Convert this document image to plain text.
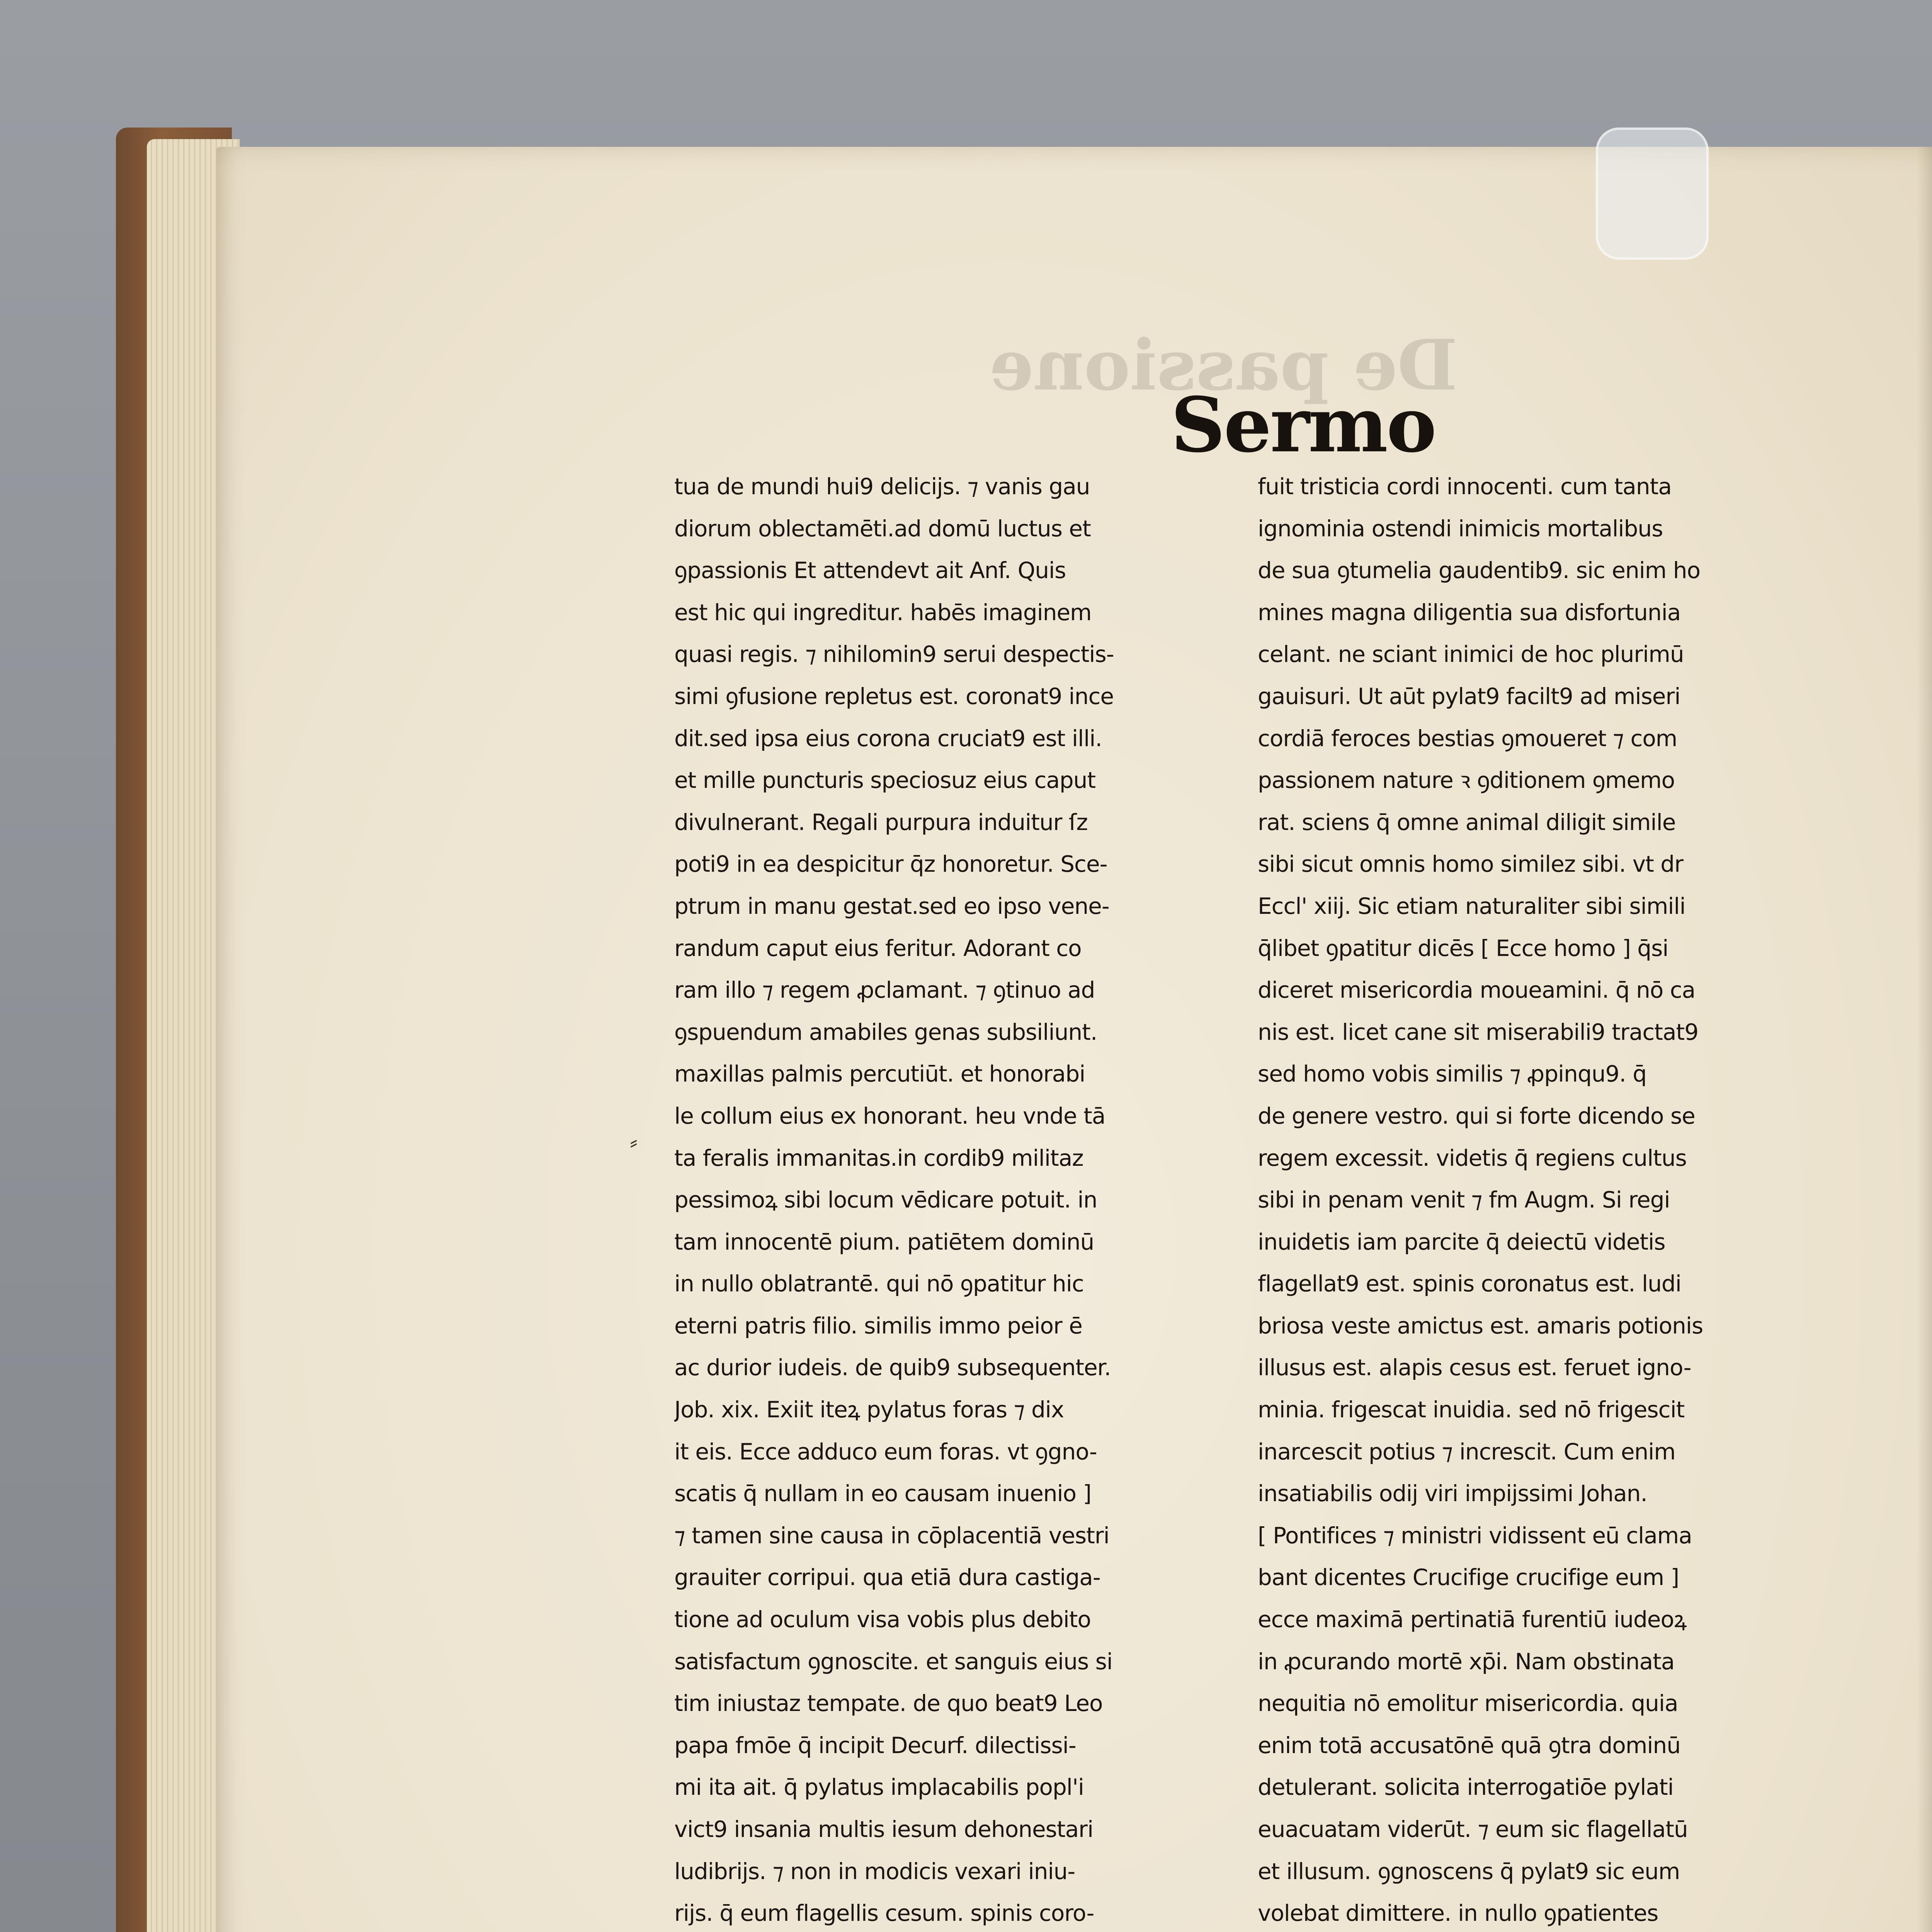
De passione
Sermo
⸗
tua de mundi hui9 delicijs. ⁊ vanis gau
diorum oblectamēti.ad domū luctus et
ꝯpassionis Et attendevt ait Anf. Quis
est hic qui ingreditur. habēs imaginem
quasi regis. ⁊ nihilomin9 serui despectis-
simi ꝯfusione repletus est. coronat9 ince
dit.sed ipsa eius corona cruciat9 est illi.
et mille puncturis speciosuz eius caput
divulnerant. Regali purpura induitur ſz
poti9 in ea despicitur q̄z honoretur. Sce-
ptrum in manu gestat.sed eo ipso vene-
randum caput eius feritur. Adorant co
ram illo ⁊ regem ꝓclamant. ⁊ ꝯtinuo ad
ꝯspuendum amabiles genas subsiliunt.
maxillas palmis percutiūt. et honorabi
le collum eius ex honorant. heu vnde tā
ta feralis immanitas.in cordib9 militaz
pessimoꝝ sibi locum vēdicare potuit. in
tam innocentē pium. patiētem dominū
in nullo oblatrantē. qui nō ꝯpatitur hic
eterni patris filio. similis immo peior ē
ac durior iudeis. de quib9 subsequenter.
Job. xix. Exiit iteꝝ pylatus foras ⁊ dix
it eis. Ecce adduco eum foras. vt ꝯgno-
scatis q̄ nullam in eo causam inuenio ]
⁊ tamen sine causa in cōplacentiā vestri
grauiter corripui. qua etiā dura castiga-
tione ad oculum visa vobis plus debito
satisfactum ꝯgnoscite. et sanguis eius si
tim iniustaz tempate. de quo beat9 Leo
papa fmōe q̄ incipit Decurf. dilectissi-
mi ita ait. q̄ pylatus implacabilis popl'i
vict9 insania multis iesum dehonestari
ludibrijs. ⁊ non in modicis vexari iniu-
rijs. q̄ eum flagellis cesum. spinis coro-
fuit tristicia cordi innocenti. cum tanta
ignominia ostendi inimicis mortalibus
de sua ꝯtumelia gaudentib9. sic enim ho
mines magna diligentia sua disfortunia
celant. ne sciant inimici de hoc plurimū
gauisuri. Ut aūt pylat9 facilt9 ad miseri
cordiā feroces bestias ꝯmoueret ⁊ com
passionem nature ꝛ ꝯditionem ꝯmemo
rat. sciens q̄ omne animal diligit simile
sibi sicut omnis homo similez sibi. vt dr
Eccl' xiij. Sic etiam naturaliter sibi simili
q̄libet ꝯpatitur dicēs [ Ecce homo ] q̄si
diceret misericordia moueamini. q̄ nō ca
nis est. licet cane sit miserabili9 tractat9
sed homo vobis similis ⁊ ꝓpinqu9. q̄
de genere vestro. qui si forte dicendo se
regem excessit. videtis q̄ regiens cultus
sibi in penam venit ⁊ fm Augm. Si regi
inuidetis iam parcite q̄ deiectū videtis
flagellat9 est. spinis coronatus est. ludi
briosa veste amictus est. amaris potionis
illusus est. alapis cesus est. feruet igno-
minia. frigescat inuidia. sed nō frigescit
inarcescit potius ⁊ increscit. Cum enim
insatiabilis odij viri impijssimi Johan.
[ Pontifices ⁊ ministri vidissent eū clama
bant dicentes Crucifige crucifige eum ]
ecce maximā pertinatiā furentiū iudeoꝝ
in ꝓcurando mortē xp̄i. Nam obstinata
nequitia nō emolitur misericordia. quia
enim totā accusatōnē quā ꝯtra dominū
detulerant. solicita interrogatiōe pylati
euacuatam viderūt. ⁊ eum sic flagellatū
et illusum. ꝯgnoscens q̄ pylat9 sic eum
volebat dimittere. in nullo ꝯpatientes
